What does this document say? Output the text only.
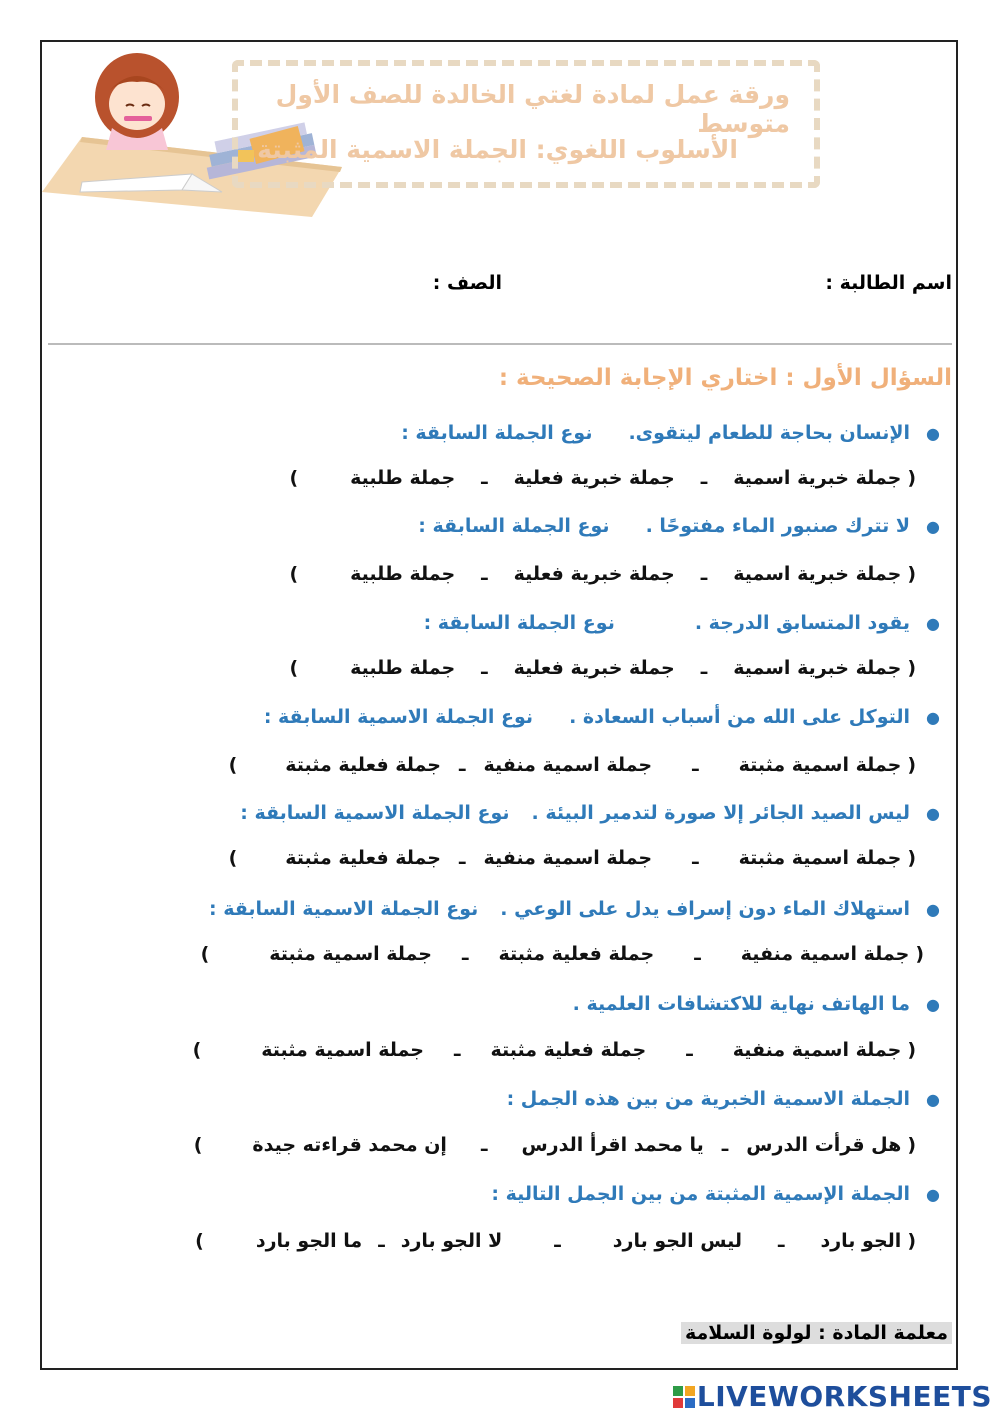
ورقة عمل لمادة لغتي الخالدة للصف الأول متوسط
الأسلوب اللغوي: الجملة الاسمية المثبتة
اسم الطالبة :
الصف :
السؤال الأول : اختاري الإجابة الصحيحة :
●الإنسان بحاجة للطعام ليتقوى.نوع الجملة السابقة :
(جملة خبرية اسميةـجملة خبرية فعليةـجملة طلبية)
●لا تترك صنبور الماء مفتوحًا .نوع الجملة السابقة :
(جملة خبرية اسميةـجملة خبرية فعليةـجملة طلبية)
●يقود المتسابق الدرجة .نوع الجملة السابقة :
(جملة خبرية اسميةـجملة خبرية فعليةـجملة طلبية)
●التوكل على الله من أسباب السعادة .نوع الجملة الاسمية السابقة :
(جملة اسمية مثبتةـجملة اسمية منفيةـجملة فعلية مثبتة)
●ليس الصيد الجائر إلا صورة لتدمير البيئة .نوع الجملة الاسمية السابقة :
(جملة اسمية مثبتةـجملة اسمية منفيةـجملة فعلية مثبتة)
●استهلاك الماء دون إسراف يدل على الوعي .نوع الجملة الاسمية السابقة :
(جملة اسمية منفيةـجملة فعلية مثبتةـجملة اسمية مثبتة)
●ما الهاتف نهاية للاكتشافات العلمية .
(جملة اسمية منفيةـجملة فعلية مثبتةـجملة اسمية مثبتة)
●الجملة الاسمية الخبرية من بين هذه الجمل :
(هل قرأت الدرسـيا محمد اقرأ الدرسـإن محمد قراءته جيدة)
●الجملة الإسمية المثبتة من بين الجمل التالية :
(الجو باردـليس الجو باردـلا الجو باردـما الجو بارد)
معلمة المادة : لولوة السلامة
LIVEWORKSHEETS
